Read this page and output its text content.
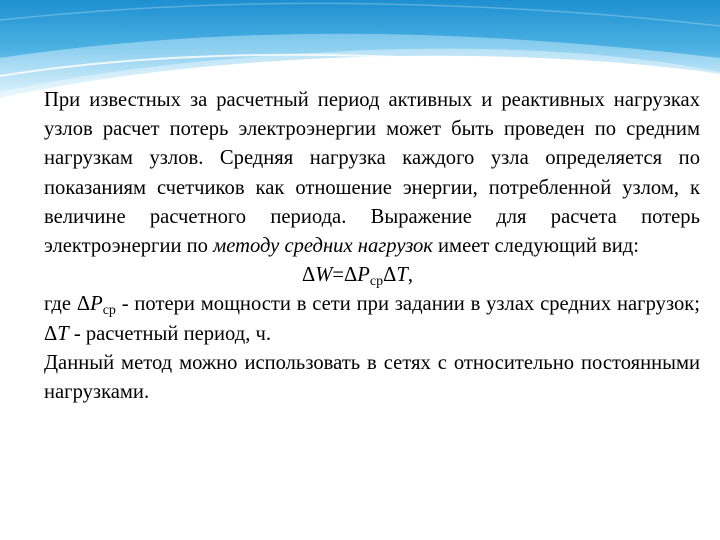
При известных за расчетный период активных и реактивных нагрузках узлов расчет потерь электроэнергии может быть проведен по средним нагрузкам узлов. Средняя нагрузка каждого узла определяется по показаниям счетчиков как отношение энергии, потребленной узлом, к величине расчетного периода. Выражение для расчета потерь электроэнергии по методу средних нагрузок имеет следующий вид:

$\Delta W=\Delta P_{ср}\Delta T$,

где $\Delta P_{ср}$ - потери мощности в сети при задании в узлах средних нагрузок; ΔT - расчетный период, ч.

Данный метод можно использовать в сетях с относительно постоянными нагрузками.
